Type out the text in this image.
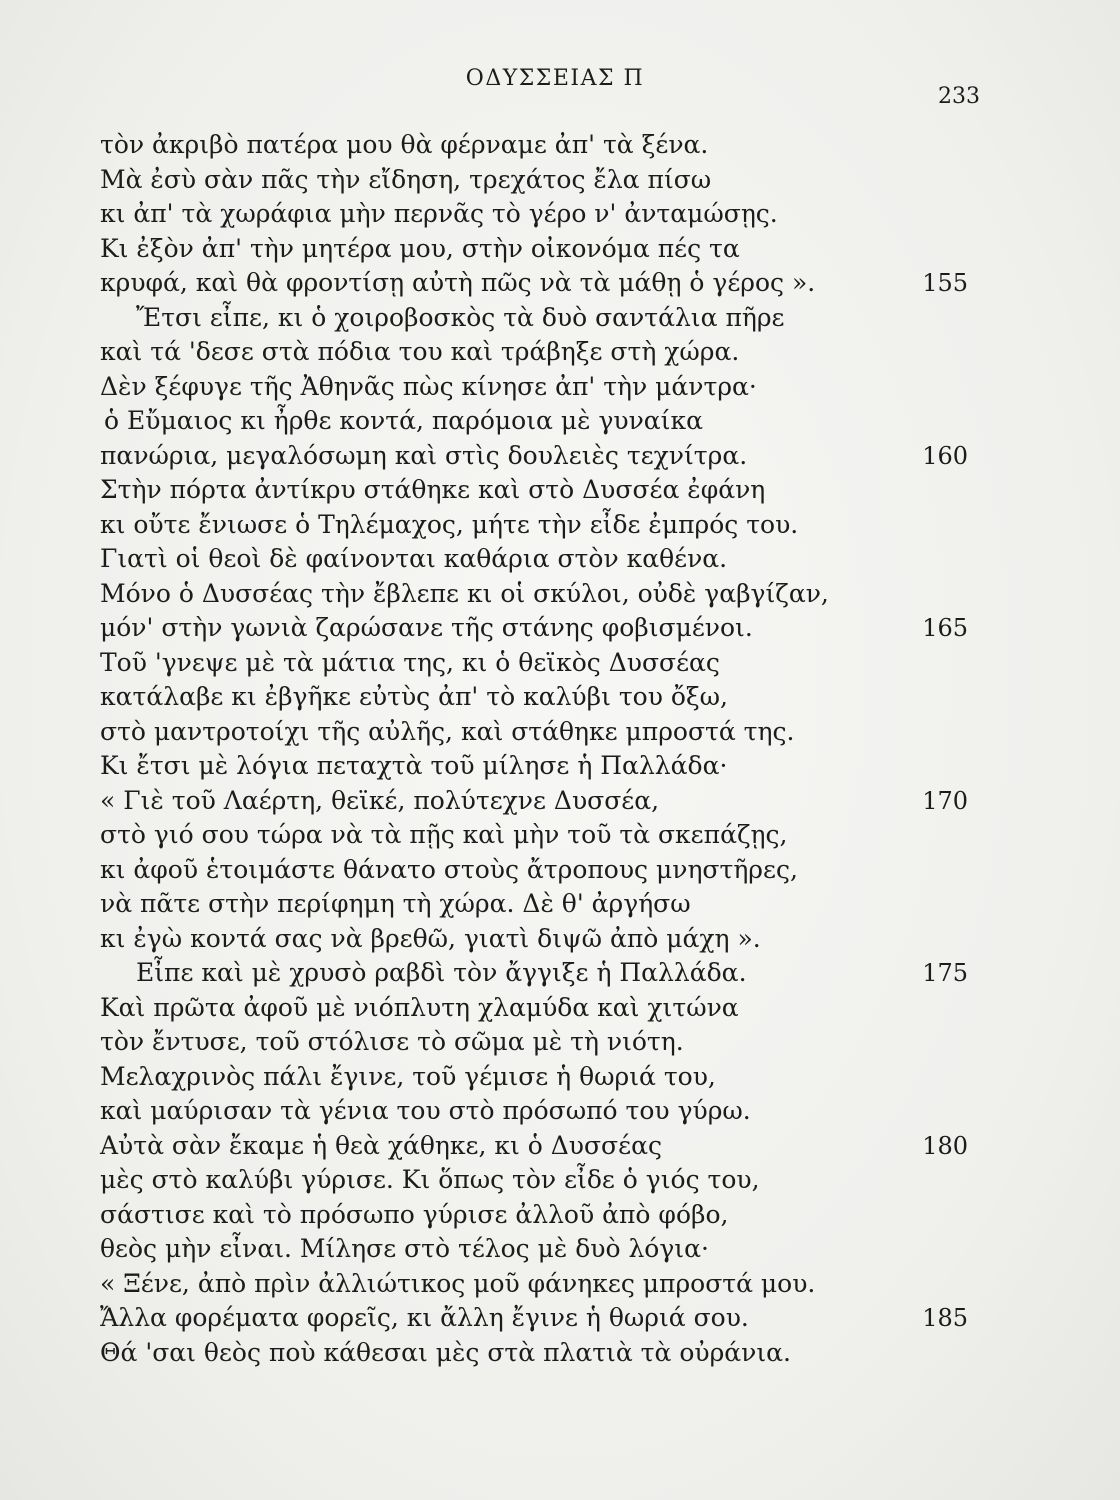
ΟΔΥΣΣΕΙΑΣ Π
233
τὸν ἀκριβὸ πατέρα μου θὰ φέρναμε ἀπ' τὰ ξένα.
Μὰ ἐσὺ σὰν πᾶς τὴν εἴδηση, τρεχάτος ἔλα πίσω
κι ἀπ' τὰ χωράφια μὴν περνᾶς τὸ γέρο ν' ἀνταμώσῃς.
Κι ἐξὸν ἀπ' τὴν μητέρα μου, στὴν οἰκονόμα πές τα
κρυφά, καὶ θὰ φροντίσῃ αὐτὴ πῶς νὰ τὰ μάθῃ ὁ γέρος ».	155
Ἔτσι εἶπε, κι ὁ χοιροβοσκὸς τὰ δυὸ σαντάλια πῆρε
καὶ τά 'δεσε στὰ πόδια του καὶ τράβηξε στὴ χώρα.
Δὲν ξέφυγε τῆς Ἀθηνᾶς πὼς κίνησε ἀπ' τὴν μάντρα·
ὁ Εὔμαιος κι ἦρθε κοντά, παρόμοια μὲ γυναίκα
πανώρια, μεγαλόσωμη καὶ στὶς δουλειὲς τεχνίτρα.	160
Στὴν πόρτα ἀντίκρυ στάθηκε καὶ στὸ Δυσσέα ἐφάνη
κι οὔτε ἔνιωσε ὁ Τηλέμαχος, μήτε τὴν εἶδε ἐμπρός του.
Γιατὶ οἱ θεοὶ δὲ φαίνονται καθάρια στὸν καθένα.
Μόνο ὁ Δυσσέας τὴν ἔβλεπε κι οἱ σκύλοι, οὐδὲ γαβγίζαν,
μόν' στὴν γωνιὰ ζαρώσανε τῆς στάνης φοβισμένοι.	165
Τοῦ 'γνεψε μὲ τὰ μάτια της, κι ὁ θεϊκὸς Δυσσέας
κατάλαβε κι ἐβγῆκε εὐτὺς ἀπ' τὸ καλύβι του ὄξω,
στὸ μαντροτοίχι τῆς αὐλῆς, καὶ στάθηκε μπροστά της.
Κι ἔτσι μὲ λόγια πεταχτὰ τοῦ μίλησε ἡ Παλλάδα·
« Γιὲ τοῦ Λαέρτη, θεϊκέ, πολύτεχνε Δυσσέα,	170
στὸ γιό σου τώρα νὰ τὰ πῇς καὶ μὴν τοῦ τὰ σκεπάζῃς,
κι ἀφοῦ ἑτοιμάστε θάνατο στοὺς ἄτροπους μνηστῆρες,
νὰ πᾶτε στὴν περίφημη τὴ χώρα. Δὲ θ' ἀργήσω
κι ἐγὼ κοντά σας νὰ βρεθῶ, γιατὶ διψῶ ἀπὸ μάχη ».
Εἶπε καὶ μὲ χρυσὸ ραβδὶ τὸν ἄγγιξε ἡ Παλλάδα.	175
Καὶ πρῶτα ἀφοῦ μὲ νιόπλυτη χλαμύδα καὶ χιτώνα
τὸν ἔντυσε, τοῦ στόλισε τὸ σῶμα μὲ τὴ νιότη.
Μελαχρινὸς πάλι ἔγινε, τοῦ γέμισε ἡ θωριά του,
καὶ μαύρισαν τὰ γένια του στὸ πρόσωπό του γύρω.
Αὐτὰ σὰν ἔκαμε ἡ θεὰ χάθηκε, κι ὁ Δυσσέας	180
μὲς στὸ καλύβι γύρισε. Κι ὅπως τὸν εἶδε ὁ γιός του,
σάστισε καὶ τὸ πρόσωπο γύρισε ἀλλοῦ ἀπὸ φόβο,
θεὸς μὴν εἶναι. Μίλησε στὸ τέλος μὲ δυὸ λόγια·
« Ξένε, ἀπὸ πρὶν ἀλλιώτικος μοῦ φάνηκες μπροστά μου.
Ἄλλα φορέματα φορεῖς, κι ἄλλη ἔγινε ἡ θωριά σου.	185
Θά 'σαι θεὸς ποὺ κάθεσαι μὲς στὰ πλατιὰ τὰ οὐράνια.
